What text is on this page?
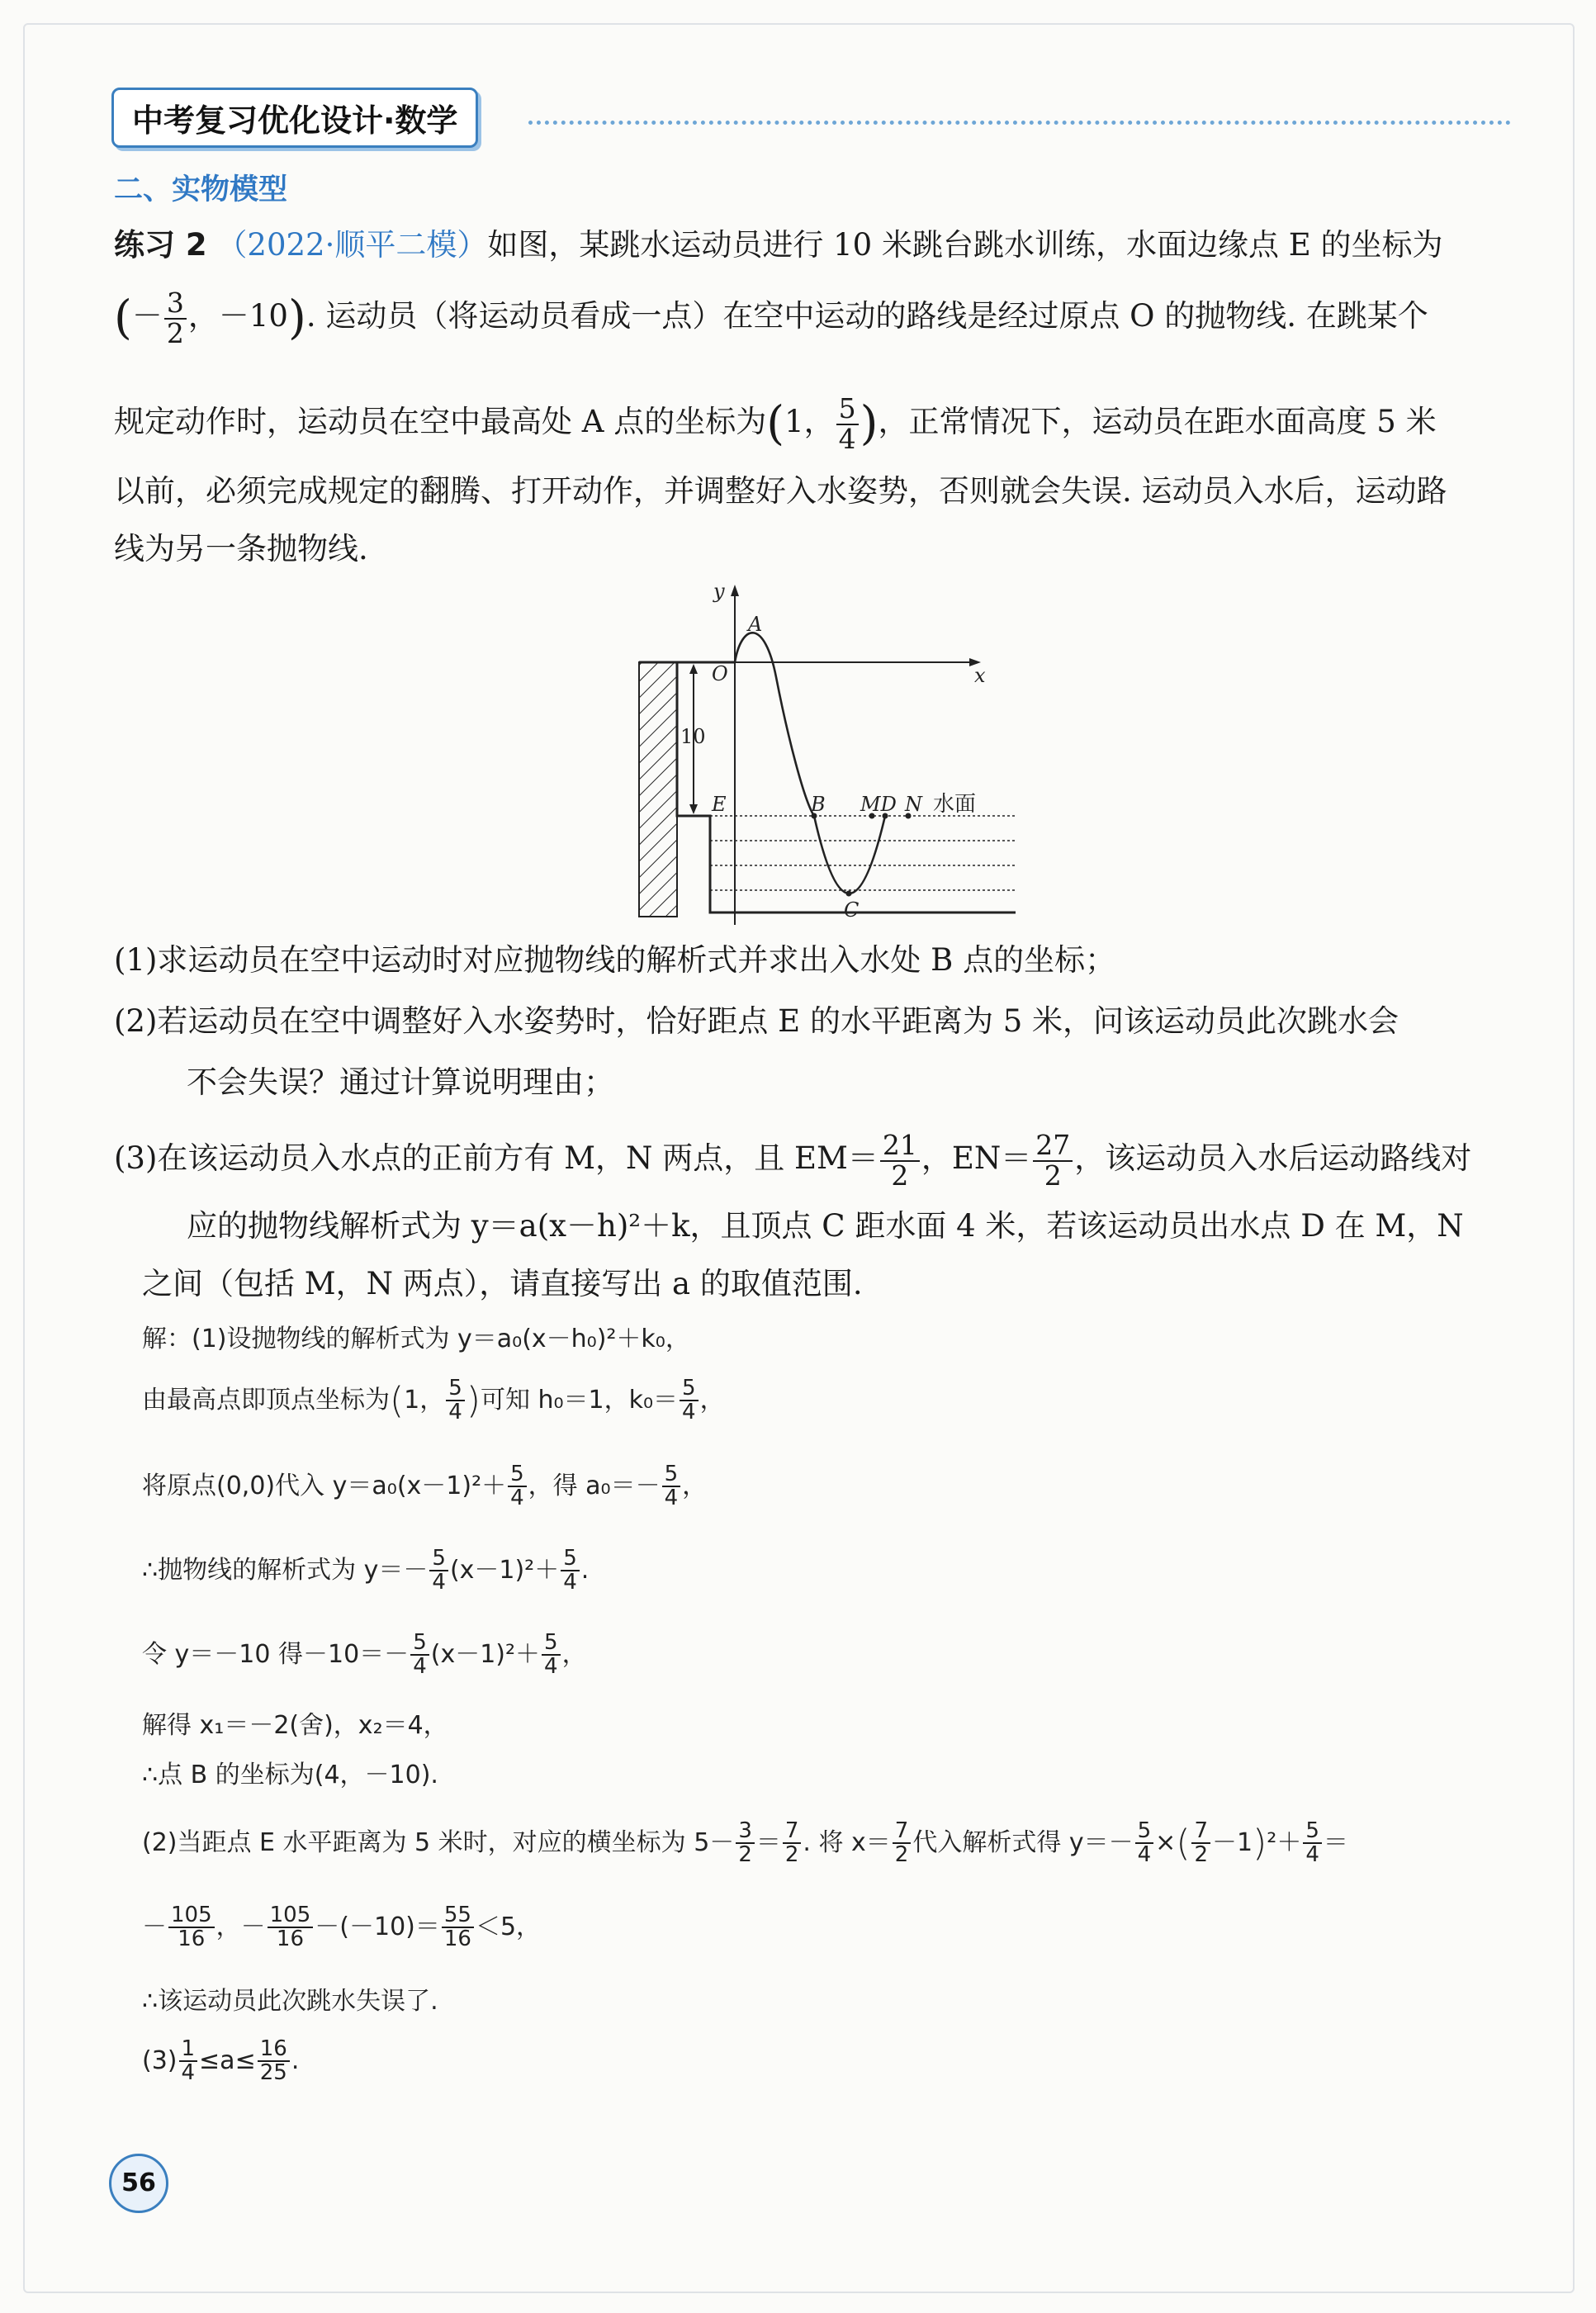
中考复习优化设计·数学
二、实物模型
练习 2 （2022·顺平二模）如图，某跳水运动员进行 10 米跳台跳水训练，水面边缘点 E 的坐标为
(－ $\frac{3}{2}$ ，－10). 运动员（将运动员看成一点）在空中运动的路线是经过原点 O 的抛物线. 在跳某个
规定动作时，运动员在空中最高处 A 点的坐标为(1， $\frac{5}{4}$ )，正常情况下，运动员在距水面高度 5 米
以前，必须完成规定的翻腾、打开动作，并调整好入水姿势，否则就会失误. 运动员入水后，运动路
线为另一条抛物线.
y
A
O	x
E	B MD N
C
10
水面
(1)求运动员在空中运动时对应抛物线的解析式并求出入水处 B 点的坐标；
(2)若运动员在空中调整好入水姿势时，恰好距点 E 的水平距离为 5 米，问该运动员此次跳水会
不会失误？通过计算说明理由；
(3)在该运动员入水点的正前方有 M，N 两点，且 $EM= \frac{21}{2}$ ，$EN= \frac{27}{2}$ ，该运动员入水后运动路线对
应的抛物线解析式为 y＝a(x－h)²＋k，且顶点 C 距水面 4 米，若该运动员出水点 D 在 M，N
之间（包括 M，N 两点），请直接写出 a 的取值范围.
解：(1)设抛物线的解析式为 y＝a₀(x－h₀)²＋k₀，
由最高点即顶点坐标为(1， $\frac{5}{4}$ )可知 h₀＝1，$k_0= \frac{5}{4}$ ，
将原点(0,0)代入 $y=a_0(x-1)^2+ \frac{5}{4}$ ，得 $a_0=- \frac{5}{4}$ ，
∴抛物线的解析式为 $y=- \frac{5}{4} (x-1)^2+ \frac{5}{4}$ .
令 y＝－10 得$-10=- \frac{5}{4} (x-1)^2+ \frac{5}{4}$ ，
解得 x₁＝－2(舍)，x₂＝4，
∴点 B 的坐标为(4，－10).
(2)当距点 E 水平距离为 5 米时，对应的横坐标为 $5- \frac{3}{2} = \frac{7}{2}$ . 将 $x= \frac{7}{2}$ 代入解析式得 $y=- \frac{5}{4}$ ×( $\frac{7}{2} -1)^2+ \frac{5}{4}$ ＝
－ $\frac{105}{16}$ ，－ $\frac{105}{16} -(-10)= \frac{55}{16} <5$，
∴该运动员此次跳水失误了.
$(3) \frac{1}{4} \le a\le \frac{16}{25}$ .
56
